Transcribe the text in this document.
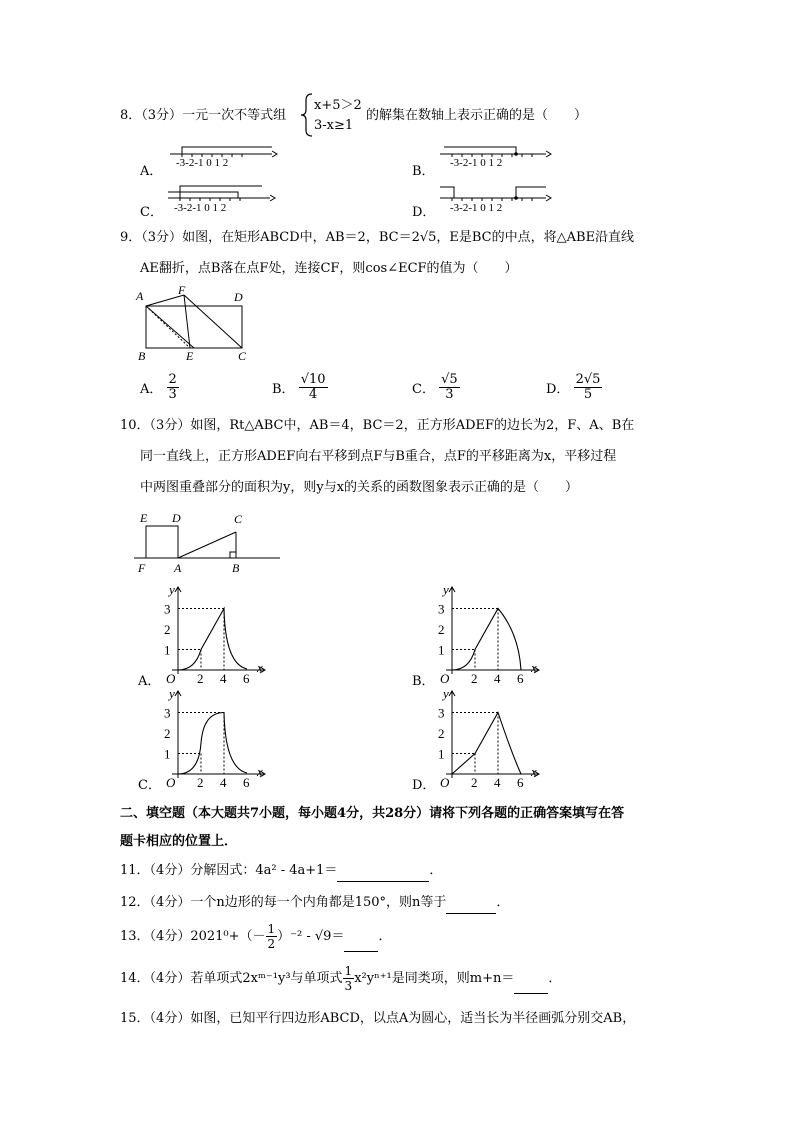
8．（3分）一元一次不等式组
x+5＞2
3-x≥1
的解集在数轴上表示正确的是（　　）
A．
-3-2-1 0 1 2
B．
-3-2-1 0 1 2
C． -3-2-1 0 1 2	D． -3-2-1 0 1 2
9．（3分）如图，在矩形ABCD中，AB＝2，BC＝2√5，E是BC的中点，将△ABE沿直线
AE翻折，点B落在点F处，连接CF，则cos∠ECF的值为（　　）
A	F	D
B	E	C
A． $\frac{2}{3}$	B． $\frac{√10}{4}$	C． $\frac{√5}{3}$	D． $\frac{2√5}{5}$
10．（3分）如图，Rt△ABC中，AB＝4，BC＝2，正方形ADEF的边长为2，F、A、B在
同一直线上，正方形ADEF向右平移到点F与B重合，点F的平移距离为x，平移过程
中两图重叠部分的面积为y，则y与x的关系的函数图象表示正确的是（　　）
E D	C
F A	B
A．
y
x
O
1
2
3
2 4 6	B．
y
x
O
1
2
3
2 4 6
C．
y
x
O
1
2
3
2 4 6	D．
y
x
O
1
2
3
2 4 6
二、填空题（本大题共7小题，每小题4分，共28分）请将下列各题的正确答案填写在答
题卡相应的位置上．
11．（4分）分解因式：4a² - 4a+1＝	．
12．（4分）一个n边形的每一个内角都是150°，则n等于	．
13．（4分）$2021^0+(- \frac{1}{2} )^{-2} - √9=$	．
14．（4分）若单项式2xᵐ⁻¹y³与单项式 $\frac{1}{3} x^2y^{n+1}$是同类项，则m+n＝	．
15．（4分）如图，已知平行四边形ABCD，以点A为圆心，适当长为半径画弧分别交AB，
